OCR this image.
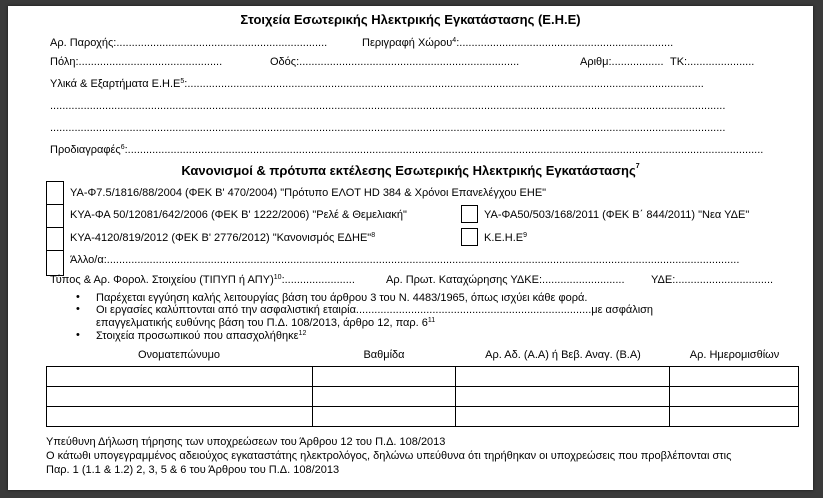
Στοιχεία Εσωτερικής Ηλεκτρικής Εγκατάστασης (Ε.Η.Ε)
Αρ. Παροχής:.....................................................................	Περιγραφή Χώρου$^4$:......................................................................
Πόλη:...............................................	Οδός:........................................................................	Αριθμ:................. ΤΚ:......................
Υλικά & Εξαρτήματα $E.H.E^5$:.........................................................................................................................................................................
.............................................................................................................................................................................................................................
.............................................................................................................................................................................................................................
Προδιαγραφές$^6$:................................................................................................................................................................................................................
Κανονισμοί & πρότυπα εκτέλεσης Εσωτερικής Ηλεκτρικής Εγκατάστασης$^7$
ΥΑ-Φ7.5/1816/88/2004 (ΦΕΚ Β' 470/2004) "Πρότυπο ΕΛΟΤ HD 384 & Χρόνοι Επανελέγχου ΕΗΕ"
ΚΥΑ-ΦΑ 50/12081/642/2006 (ΦΕΚ Β' 1222/2006) "Ρελέ & Θεμελιακή"	ΥΑ-ΦΑ50/503/168/2011 (ΦΕΚ Β΄ 844/2011) "Νεα ΥΔΕ"
ΚΥΑ-4120/819/2012 (ΦΕΚ Β' 2776/2012) "Κανονισμός ΕΔΗΕ"$^8$	$K.E.H.E^9$
Άλλο/α:...............................................................................................................................................................................................................
Τύπος & Αρ. Φορολ. Στοιχείου (ΤΙΠΥΠ ή ΑΠΥ)$^{10}$:.......................	Αρ. Πρωτ. Καταχώρησης ΥΔΚΕ:........................... ΥΔΕ:................................
• Παρέχεται εγγύηση καλής λειτουργίας βάση του άρθρου 3 του Ν. 4483/1965, όπως ισχύει κάθε φορά.
• Οι εργασίες καλύπτονται από την ασφαλιστική εταιρία.............................................................................με ασφάλιση
επαγγελματικής ευθύνης βάση του Π.Δ. 108/2013, άρθρο 12, παρ. $6^{11}$
• Στοιχεία προσωπικού που απασχολήθηκε$^{12}$
Ονοματεπώνυμο	Βαθμίδα	Αρ. Αδ. (Α.Α) ή Βεβ. Αναγ. (Β.Α)	Αρ. Ημερομισθίων

Υπεύθυνη Δήλωση τήρησης των υποχρεώσεων του Άρθρου 12 του Π.Δ. 108/2013
Ο κάτωθι υπογεγραμμένος αδειούχος εγκαταστάτης ηλεκτρολόγος, δηλώνω υπεύθυνα ότι τηρήθηκαν οι υποχρεώσεις που προβλέπονται στις
Παρ. 1 (1.1 & 1.2) 2, 3, 5 & 6 του Άρθρου του Π.Δ. 108/2013
